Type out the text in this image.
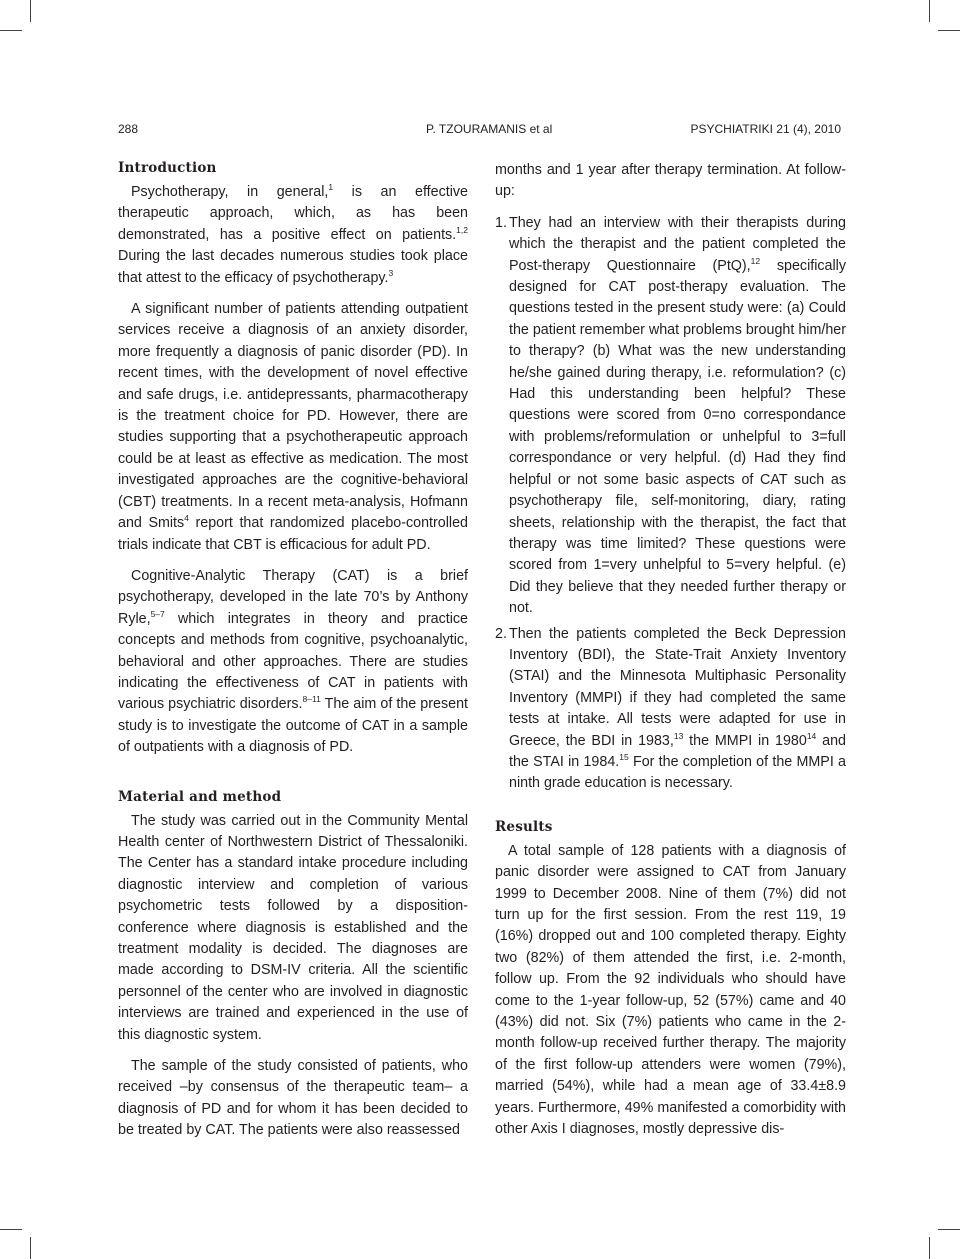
288	P. TZOURAMANIS et al	PSYCHIATRIKI 21 (4), 2010
Introduction

Psychotherapy, in general,$^1$ is an effective therapeutic approach, which, as has been demonstrated, has a positive effect on patients.$^{1,2}$ During the last decades numerous studies took place that attest to the efficacy of psychotherapy.$^3$

A significant number of patients attending outpatient services receive a diagnosis of an anxiety disorder, more frequently a diagnosis of panic disorder (PD). In recent times, with the development of novel effective and safe drugs, i.e. antidepressants, pharmacotherapy is the treatment choice for PD. However, there are studies supporting that a psychotherapeutic approach could be at least as effective as medication. The most investigated approaches are the cognitive-behavioral (CBT) treatments. In a recent meta-analysis, Hofmann and Smits$^4$ report that randomized placebo-controlled trials indicate that CBT is efficacious for adult PD.

Cognitive-Analytic Therapy (CAT) is a brief psychotherapy, developed in the late 70’s by Anthony Ryle,$^{5-7}$ which integrates in theory and practice concepts and methods from cognitive, psychoanalytic, behavioral and other approaches. There are studies indicating the effectiveness of CAT in patients with various psychiatric disorders.$^{8-11}$ The aim of the present study is to investigate the outcome of CAT in a sample of outpatients with a diagnosis of PD.

Material and method

The study was carried out in the Community Mental Health center of Northwestern District of Thessaloniki. The Center has a standard intake procedure including diagnostic interview and completion of various psychometric tests followed by a disposition-conference where diagnosis is established and the treatment modality is decided. The diagnoses are made according to DSM-IV criteria. All the scientific personnel of the center who are involved in diagnostic interviews are trained and experienced in the use of this diagnostic system.

The sample of the study consisted of patients, who received –by consensus of the therapeutic team– a diagnosis of PD and for whom it has been decided to be treated by CAT. The patients were also reassessed

months and 1 year after therapy termination. At follow-up:

1. They had an interview with their therapists during which the therapist and the patient completed the Post-therapy Questionnaire (PtQ),$^{12}$ specifically designed for CAT post-therapy evaluation. The questions tested in the present study were: (a) Could the patient remember what problems brought him/her to therapy? (b) What was the new understanding he/she gained during therapy, i.e. reformulation? (c) Had this understanding been helpful? These questions were scored from 0=no correspondance with problems/reformulation or unhelpful to 3=full correspondance or very helpful. (d) Had they find helpful or not some basic aspects of CAT such as psychotherapy file, self-monitoring, diary, rating sheets, relationship with the therapist, the fact that therapy was time limited? These questions were scored from 1=very unhelpful to 5=very helpful. (e) Did they believe that they needed further therapy or not.

2. Then the patients completed the Beck Depression Inventory (BDI), the State-Trait Anxiety Inventory (STAI) and the Minnesota Multiphasic Personality Inventory (MMPI) if they had completed the same tests at intake. All tests were adapted for use in Greece, the BDI in 1983,13 the MMPI in 1980$^{14}$ and the STAI in 1984.15 For the completion of the MMPI a ninth grade education is necessary.

Results

A total sample of 128 patients with a diagnosis of panic disorder were assigned to CAT from January 1999 to December 2008. Nine of them (7%) did not turn up for the first session. From the rest 119, 19 (16%) dropped out and 100 completed therapy. Eighty two (82%) of them attended the first, i.e. 2-month, follow up. From the 92 individuals who should have come to the 1-year follow-up, 52 (57%) came and 40 (43%) did not. Six (7%) patients who came in the 2-month follow-up received further therapy. The majority of the first follow-up attenders were women (79%), married (54%), while had a mean age of 33.4±8.9 years. Furthermore, 49% manifested a comorbidity with other Axis I diagnoses, mostly depressive dis-
